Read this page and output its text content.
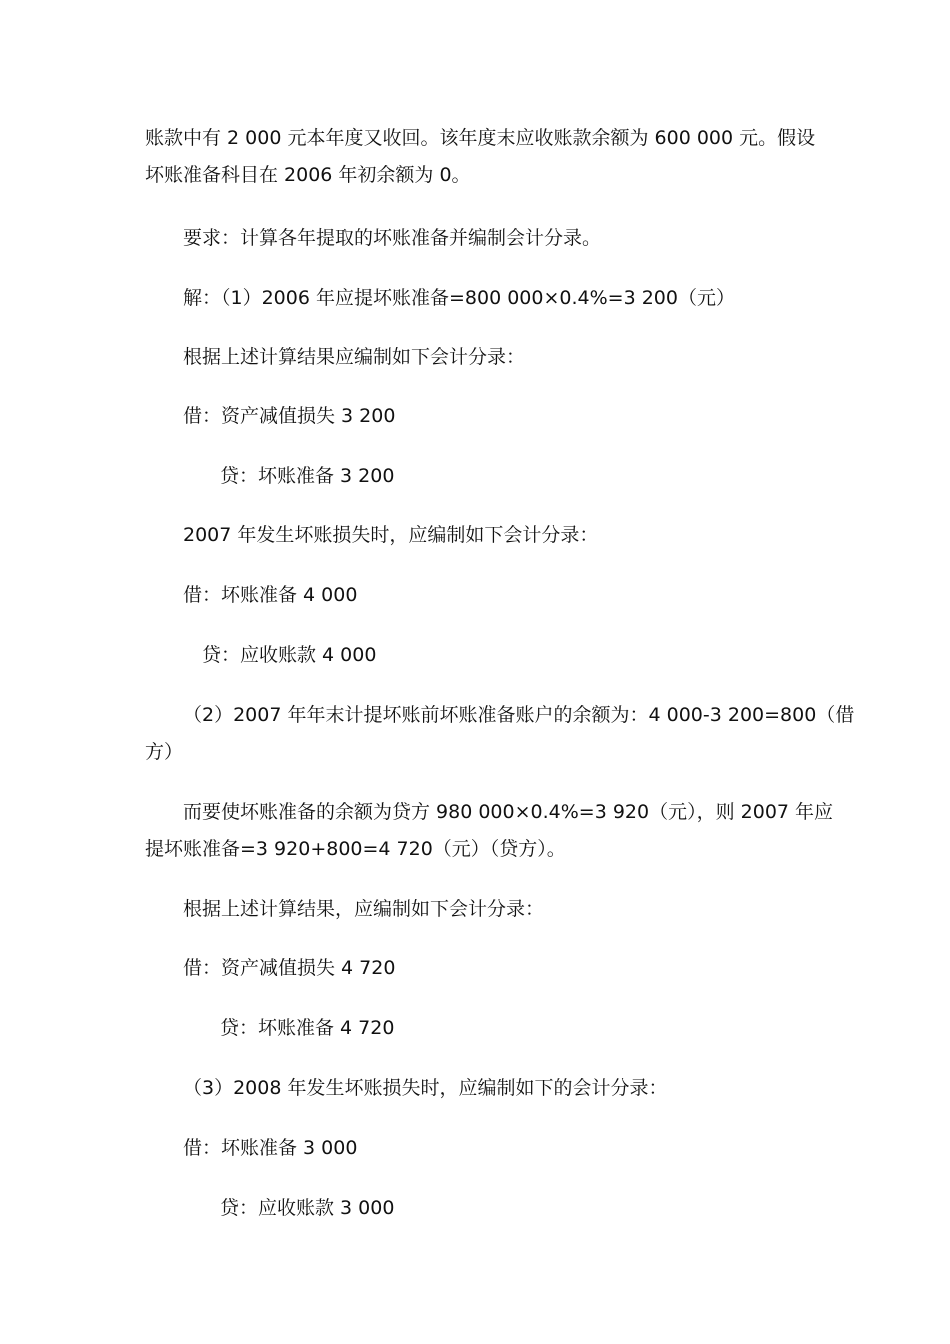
账款中有 2 000 元本年度又收回。该年度末应收账款余额为 600 000 元。假设
坏账准备科目在 2006 年初余额为 0。
要求：计算各年提取的坏账准备并编制会计分录。
解：（1）2006 年应提坏账准备=800 000×0.4%=3 200（元）
根据上述计算结果应编制如下会计分录：
借：资产减值损失 3 200
贷：坏账准备 3 200
2007 年发生坏账损失时，应编制如下会计分录：
借：坏账准备 4 000
贷：应收账款 4 000
（2）2007 年年末计提坏账前坏账准备账户的余额为：4 000-3 200=800（借
方）
而要使坏账准备的余额为贷方 980 000×0.4%=3 920（元），则 2007 年应
提坏账准备=3 920+800=4 720（元）（贷方）。
根据上述计算结果，应编制如下会计分录：
借：资产减值损失 4 720
贷：坏账准备 4 720
（3）2008 年发生坏账损失时，应编制如下的会计分录：
借：坏账准备 3 000
贷：应收账款 3 000
